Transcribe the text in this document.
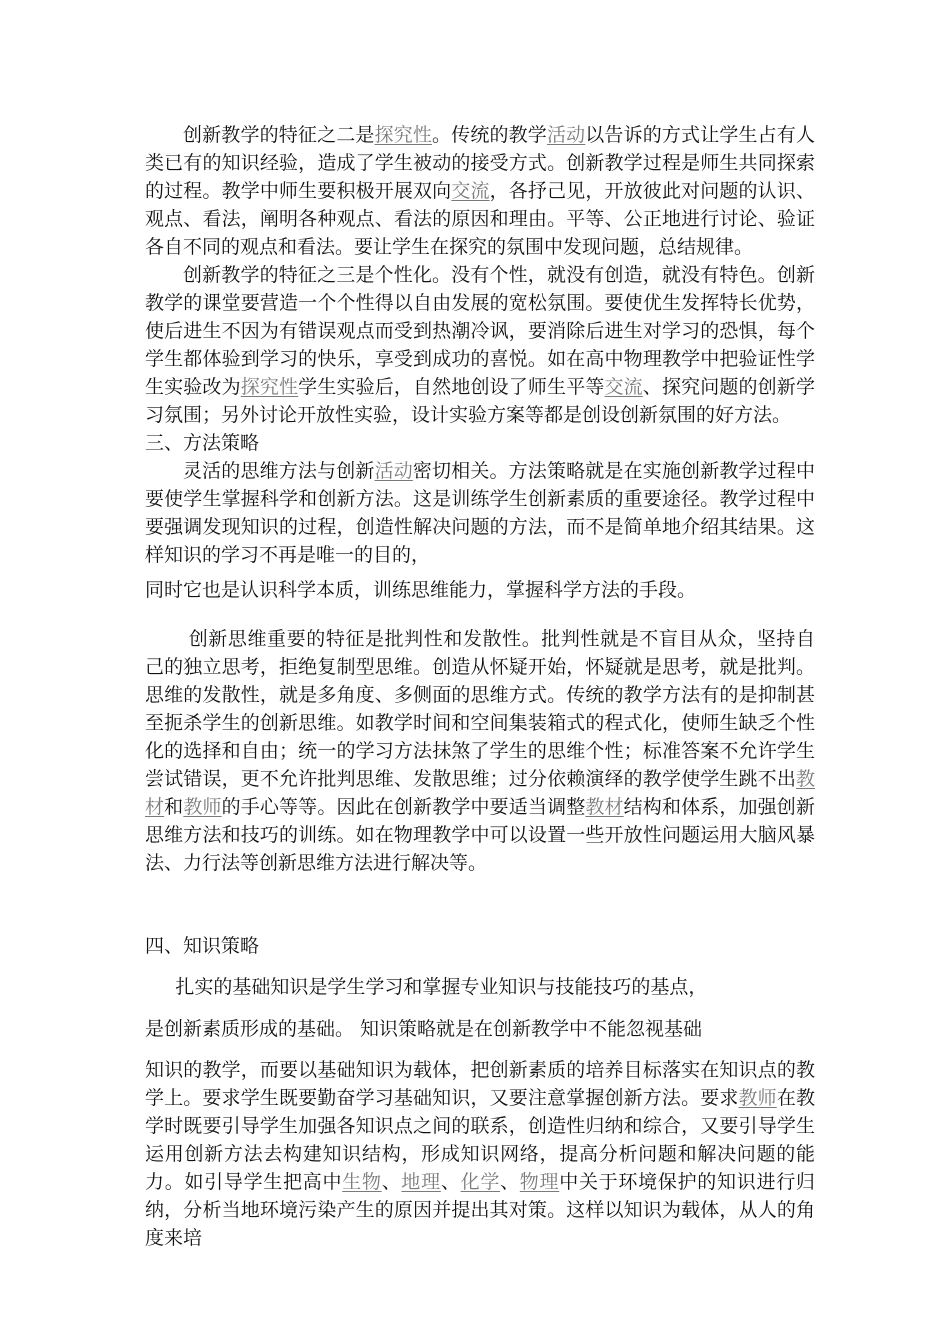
创新教学的特征之二是探究性。传统的教学活动以告诉的方式让学生占有人类已有的知识经验，造成了学生被动的接受方式。创新教学过程是师生共同探索的过程。教学中师生要积极开展双向交流，各抒己见，开放彼此对问题的认识、观点、看法，阐明各种观点、看法的原因和理由。平等、公正地进行讨论、验证各自不同的观点和看法。要让学生在探究的氛围中发现问题，总结规律。

创新教学的特征之三是个性化。没有个性，就没有创造，就没有特色。创新教学的课堂要营造一个个性得以自由发展的宽松氛围。要使优生发挥特长优势，使后进生不因为有错误观点而受到热潮冷讽，要消除后进生对学习的恐惧，每个学生都体验到学习的快乐，享受到成功的喜悦。如在高中物理教学中把验证性学生实验改为探究性学生实验后，自然地创设了师生平等交流、探究问题的创新学习氛围；另外讨论开放性实验，设计实验方案等都是创设创新氛围的好方法。

三、方法策略

灵活的思维方法与创新活动密切相关。方法策略就是在实施创新教学过程中要使学生掌握科学和创新方法。这是训练学生创新素质的重要途径。教学过程中要强调发现知识的过程，创造性解决问题的方法，而不是简单地介绍其结果。这样知识的学习不再是唯一的目的，

同时它也是认识科学本质，训练思维能力，掌握科学方法的手段。

创新思维重要的特征是批判性和发散性。批判性就是不盲目从众，坚持自己的独立思考，拒绝复制型思维。创造从怀疑开始，怀疑就是思考，就是批判。思维的发散性，就是多角度、多侧面的思维方式。传统的教学方法有的是抑制甚至扼杀学生的创新思维。如教学时间和空间集装箱式的程式化，使师生缺乏个性化的选择和自由；统一的学习方法抹煞了学生的思维个性；标准答案不允许学生尝试错误，更不允许批判思维、发散思维；过分依赖演绎的教学使学生跳不出教材和教师的手心等等。因此在创新教学中要适当调整教材结构和体系，加强创新思维方法和技巧的训练。如在物理教学中可以设置一些开放性问题运用大脑风暴法、力行法等创新思维方法进行解决等。

四、知识策略

扎实的基础知识是学生学习和掌握专业知识与技能技巧的基点，

是创新素质形成的基础。 知识策略就是在创新教学中不能忽视基础

知识的教学，而要以基础知识为载体，把创新素质的培养目标落实在知识点的教学上。要求学生既要勤奋学习基础知识，又要注意掌握创新方法。要求教师在教学时既要引导学生加强各知识点之间的联系，创造性归纳和综合，又要引导学生运用创新方法去构建知识结构，形成知识网络，提高分析问题和解决问题的能力。如引导学生把高中生物、地理、化学、物理中关于环境保护的知识进行归纳，分析当地环境污染产生的原因并提出其对策。这样以知识为载体，从人的角度来培
